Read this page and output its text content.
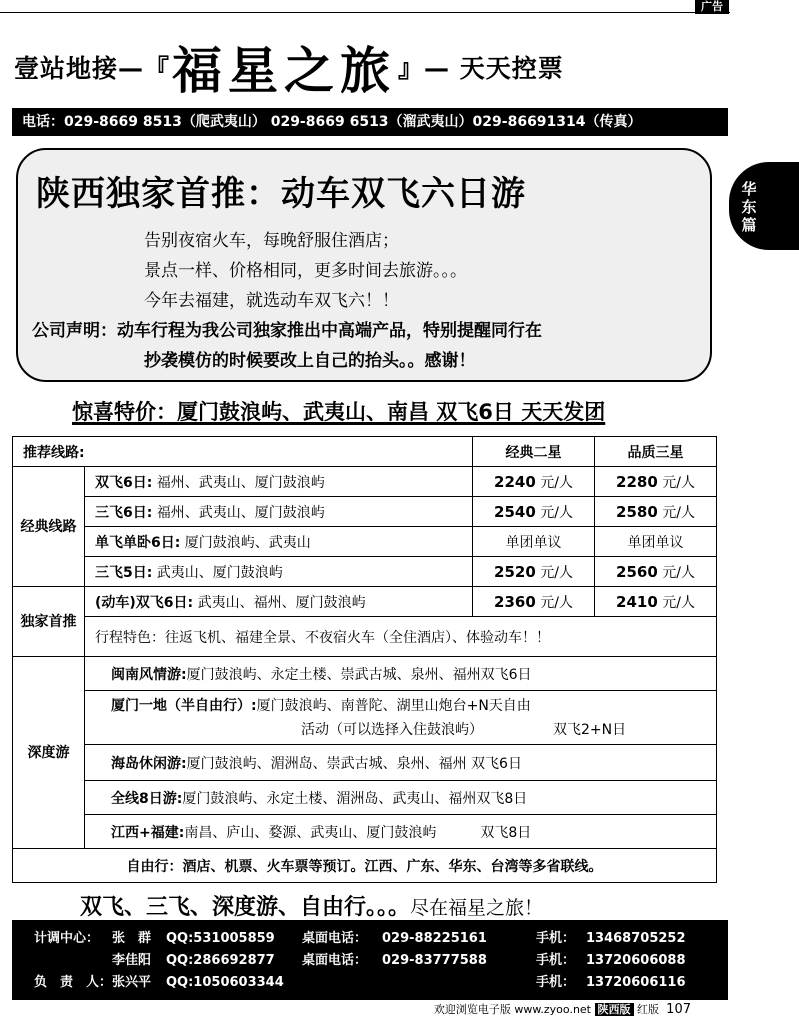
广告
壹站地接—『 福星之旅 』— 天天控票
电话：029-8669 8513（爬武夷山） 029-8669 6513（溜武夷山）029-86691314（传真）
陕西独家首推：动车双飞六日游
告别夜宿火车，每晚舒服住酒店；
景点一样、价格相同，更多时间去旅游。。。
今年去福建，就选动车双飞六！！
公司声明：动车行程为我公司独家推出中高端产品，特别提醒同行在
抄袭模仿的时候要改上自己的抬头。。感谢！
华东篇
惊喜特价：厦门鼓浪屿、武夷山、南昌 双飞6日 天天发团
推荐线路:		经典二星	品质三星
经典线路	双飞6日: 福州、武夷山、厦门鼓浪屿	2240 元/人	2280 元/人
	三飞6日: 福州、武夷山、厦门鼓浪屿	2540 元/人	2580 元/人
	单飞单卧6日: 厦门鼓浪屿、武夷山	单团单议	单团单议
	三飞5日: 武夷山、厦门鼓浪屿	2520 元/人	2560 元/人
独家首推	(动车)双飞6日: 武夷山、福州、厦门鼓浪屿	2360 元/人	2410 元/人
	行程特色：往返飞机、福建全景、不夜宿火车（全住酒店）、体验动车！！		
深度游	闽南风情游:厦门鼓浪屿、永定土楼、崇武古城、泉州、福州双飞6日		

	厦门一地（半自由行）:厦门鼓浪屿、南普陀、湖里山炮台+N天自由
活动（可以选择入住鼓浪屿） 双飞2+N日		

	海岛休闲游:厦门鼓浪屿、湄洲岛、崇武古城、泉州、福州 双飞6日		
	全线8日游:厦门鼓浪屿、永定土楼、湄洲岛、武夷山、福州双飞8日		
	江西+福建:南昌、庐山、婺源、武夷山、厦门鼓浪屿 双飞8日		
自由行：酒店、机票、火车票等预订。江西、广东、华东、台湾等多省联线。			
双飞、三飞、深度游、自由行。。。尽在福星之旅！
计调中心： 张　群 QQ:531005859 桌面电话： 029-88225161	手机： 13468705252
李佳阳 QQ:286692877 桌面电话： 029-83777588	手机： 13720606088
负　责　人： 张兴平 QQ:1050603344	手机： 13720606116
欢迎浏览电子版 www.zyoo.net 陕西版 红版 107
